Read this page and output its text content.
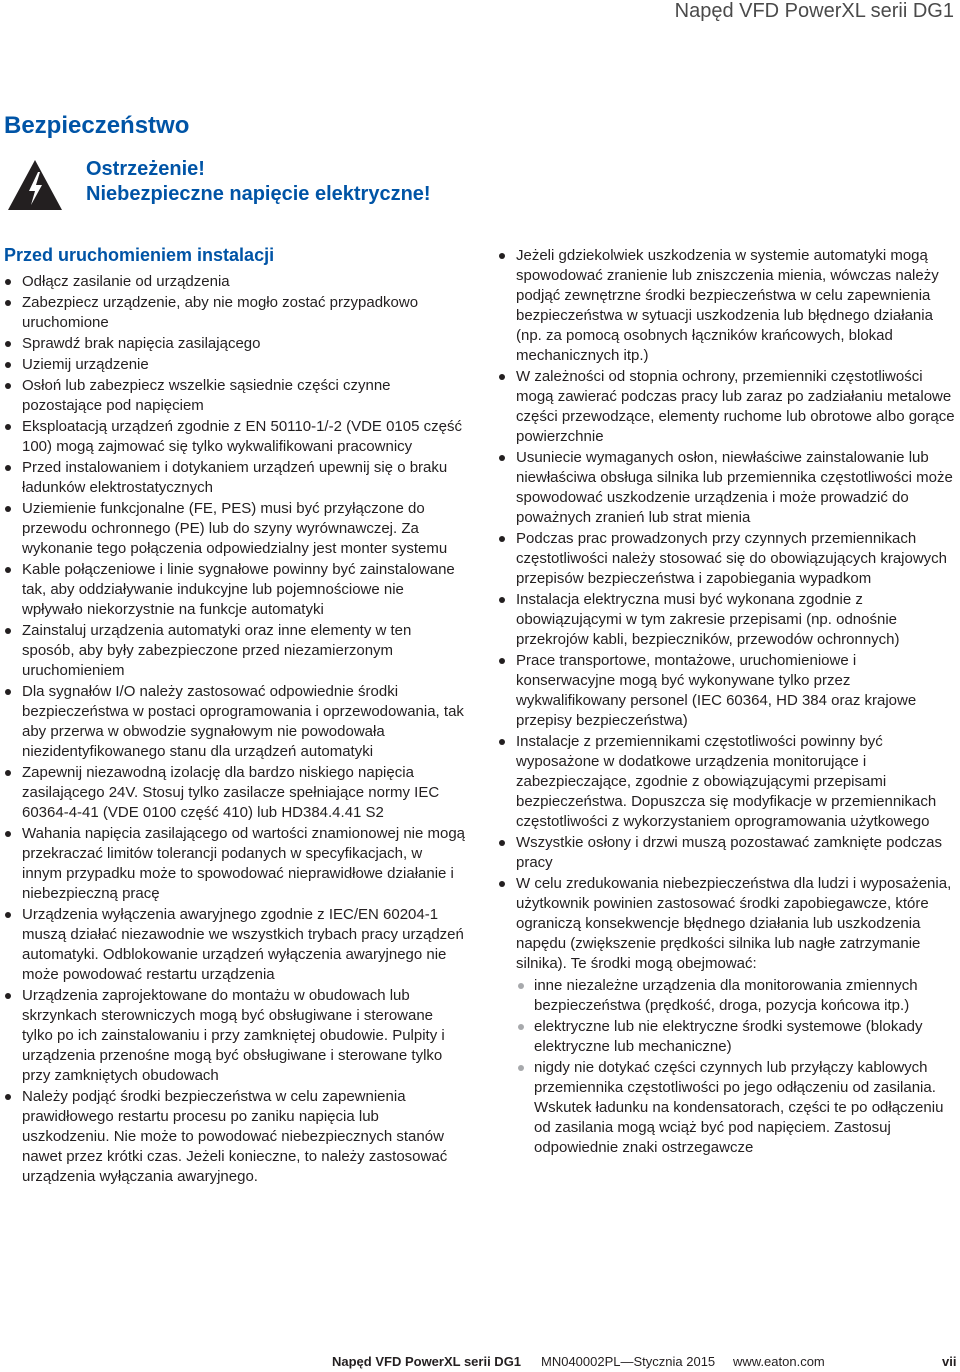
Napęd VFD PowerXL serii DG1
Bezpieczeństwo
Ostrzeżenie!
Niebezpieczne napięcie elektryczne!
Przed uruchomieniem instalacji
Odłącz zasilanie od urządzenia
Zabezpiecz urządzenie, aby nie mogło zostać przypadkowo uruchomione
Sprawdź brak napięcia zasilającego
Uziemij urządzenie
Osłoń lub zabezpiecz wszelkie sąsiednie części czynne pozostające pod napięciem
Eksploatacją urządzeń zgodnie z EN 50110-1/-2 (VDE 0105 część 100) mogą zajmować się tylko wykwalifikowani pracownicy
Przed instalowaniem i dotykaniem urządzeń upewnij się o braku ładunków elektrostatycznych
Uziemienie funkcjonalne (FE, PES) musi być przyłączone do przewodu ochronnego (PE) lub do szyny wyrównawczej. Za wykonanie tego połączenia odpowiedzialny jest monter systemu
Kable połączeniowe i linie sygnałowe powinny być zainstalowane tak, aby oddziaływanie indukcyjne lub pojemnościowe nie wpływało niekorzystnie na funkcje automatyki
Zainstaluj urządzenia automatyki oraz inne elementy w ten sposób, aby były zabezpieczone przed niezamierzonym uruchomieniem
Dla sygnałów I/O należy zastosować odpowiednie środki bezpieczeństwa w postaci oprogramowania i oprzewodowania, tak aby przerwa w obwodzie sygnałowym nie powodowała niezidentyfikowanego stanu dla urządzeń automatyki
Zapewnij niezawodną izolację dla bardzo niskiego napięcia zasilającego 24V. Stosuj tylko zasilacze spełniające normy IEC 60364-4-41 (VDE 0100 część 410) lub HD384.4.41 S2
Wahania napięcia zasilającego od wartości znamionowej nie mogą przekraczać limitów tolerancji podanych w specyfikacjach, w innym przypadku może to spowodować nieprawidłowe działanie i niebezpieczną pracę
Urządzenia wyłączenia awaryjnego zgodnie z IEC/EN 60204-1 muszą działać niezawodnie we wszystkich trybach pracy urządzeń automatyki. Odblokowanie urządzeń wyłączenia awaryjnego nie może powodować restartu urządzenia
Urządzenia zaprojektowane do montażu w obudowach lub skrzynkach sterowniczych mogą być obsługiwane i sterowane tylko po ich zainstalowaniu i przy zamkniętej obudowie. Pulpity i urządzenia przenośne mogą być obsługiwane i sterowane tylko przy zamkniętych obudowach
Należy podjąć środki bezpieczeństwa w celu zapewnienia prawidłowego restartu procesu po zaniku napięcia lub uszkodzeniu. Nie może to powodować niebezpiecznych stanów nawet przez krótki czas. Jeżeli konieczne, to należy zastosować urządzenia wyłączania awaryjnego.
Jeżeli gdziekolwiek uszkodzenia w systemie automatyki mogą spowodować zranienie lub zniszczenia mienia, wówczas należy podjąć zewnętrzne środki bezpieczeństwa w celu zapewnienia bezpieczeństwa w sytuacji uszkodzenia lub błędnego działania (np. za pomocą osobnych łączników krańcowych, blokad mechanicznych itp.)
W zależności od stopnia ochrony, przemienniki częstotliwości mogą zawierać podczas pracy lub zaraz po zadziałaniu metalowe części przewodzące, elementy ruchome lub obrotowe albo gorące powierzchnie
Usuniecie wymaganych osłon, niewłaściwe zainstalowanie lub niewłaściwa obsługa silnika lub przemiennika częstotliwości może spowodować uszkodzenie urządzenia i może prowadzić do poważnych zranień lub strat mienia
Podczas prac prowadzonych przy czynnych przemiennikach częstotliwości należy stosować się do obowiązujących krajowych przepisów bezpieczeństwa i zapobiegania wypadkom
Instalacja elektryczna musi być wykonana zgodnie z obowiązującymi w tym zakresie przepisami (np. odnośnie przekrojów kabli, bezpieczników, przewodów ochronnych)
Prace transportowe, montażowe, uruchomieniowe i konserwacyjne mogą być wykonywane tylko przez wykwalifikowany personel (IEC 60364, HD 384 oraz krajowe przepisy bezpieczeństwa)
Instalacje z przemiennikami częstotliwości powinny być wyposażone w dodatkowe urządzenia monitorujące i zabezpieczające, zgodnie z obowiązującymi przepisami bezpieczeństwa. Dopuszcza się modyfikacje w przemiennikach częstotliwości z wykorzystaniem oprogramowania użytkowego
Wszystkie osłony i drzwi muszą pozostawać zamknięte podczas pracy
W celu zredukowania niebezpieczeństwa dla ludzi i wyposażenia, użytkownik powinien zastosować środki zapobiegawcze, które ograniczą konsekwencje błędnego działania lub uszkodzenia napędu (zwiększenie prędkości silnika lub nagłe zatrzymanie silnika). Te środki mogą obejmować:
inne niezależne urządzenia dla monitorowania zmiennych bezpieczeństwa (prędkość, droga, pozycja końcowa itp.)
elektryczne lub nie elektryczne środki systemowe (blokady elektryczne lub mechaniczne)
nigdy nie dotykać części czynnych lub przyłączy kablowych przemiennika częstotliwości po jego odłączeniu od zasilania. Wskutek ładunku na kondensatorach, części te po odłączeniu od zasilania mogą wciąż być pod napięciem. Zastosuj odpowiednie znaki ostrzegawcze
Napęd VFD PowerXL serii DG1 MN040002PL—Stycznia 2015 www.eaton.com	vii
